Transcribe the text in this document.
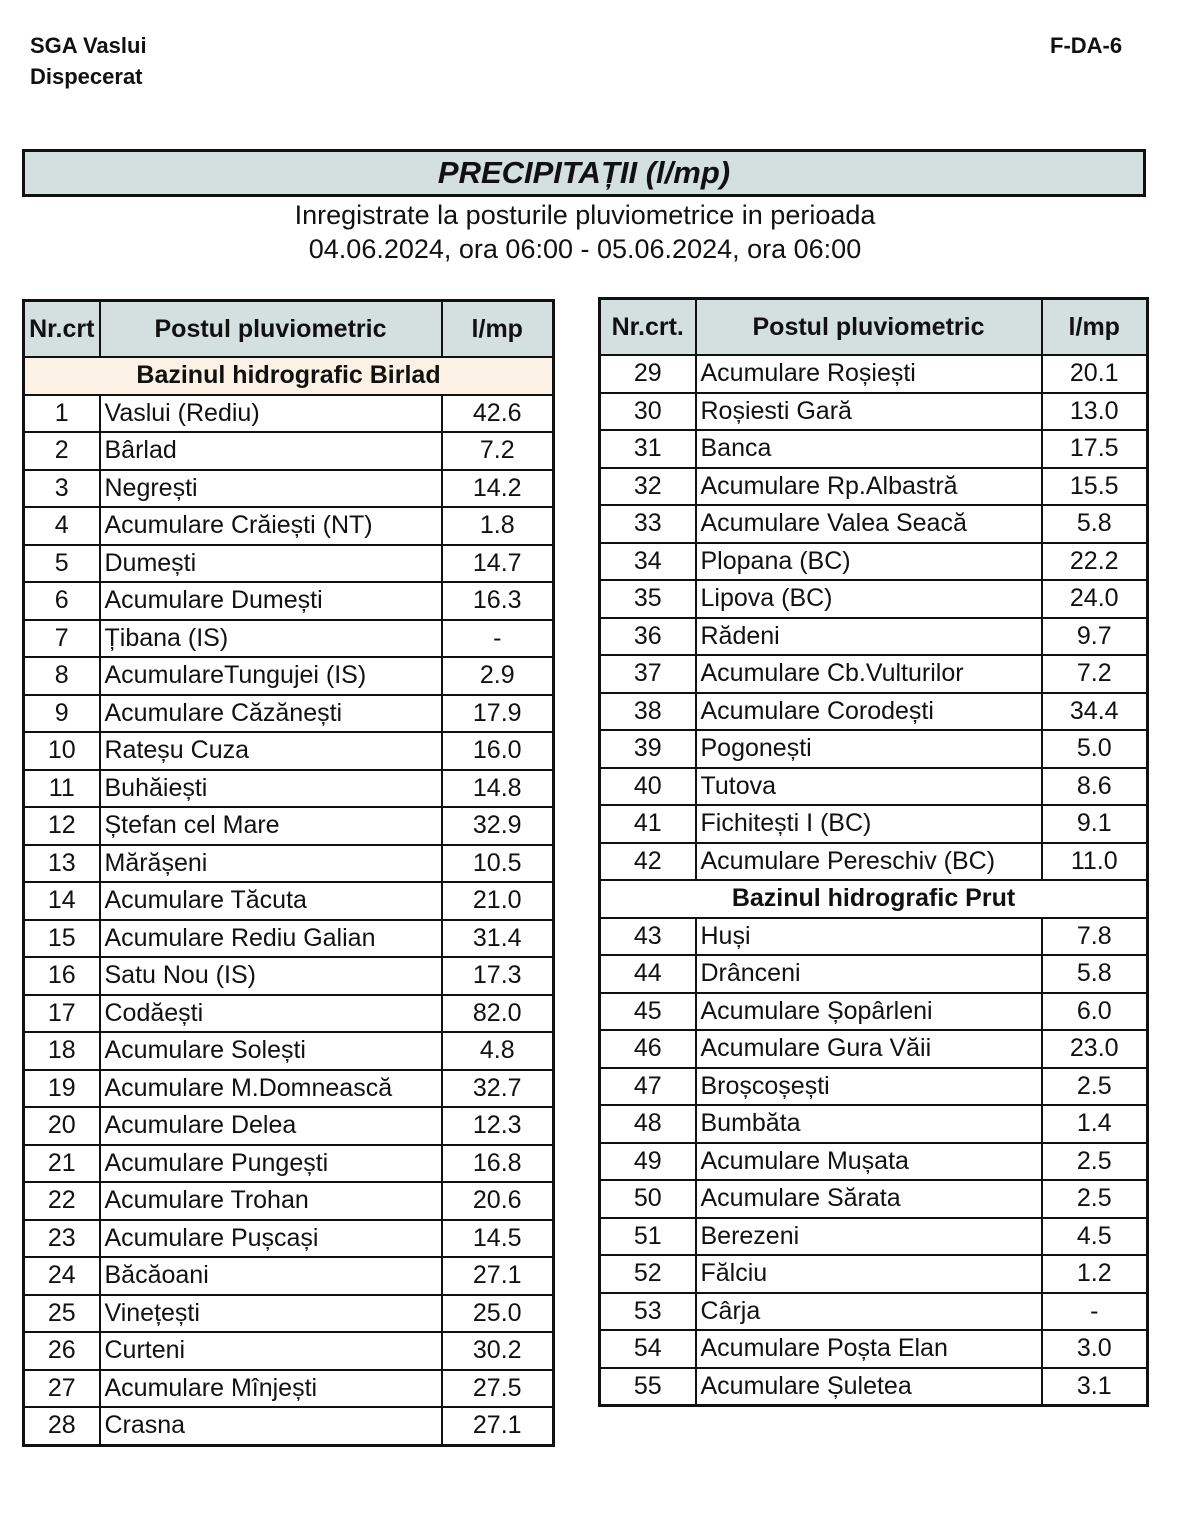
SGA Vaslui
Dispecerat
F-DA-6
PRECIPITAȚII (l/mp)
Inregistrate la posturile pluviometrice in perioada
04.06.2024, ora 06:00 - 05.06.2024, ora 06:00
Nr.crt	Postul pluviometric	l/mp
Bazinul hidrografic Birlad		
1	Vaslui (Rediu)	42.6
2	Bârlad	7.2
3	Negrești	14.2
4	Acumulare Crăiești (NT)	1.8
5	Dumești	14.7
6	Acumulare Dumești	16.3
7	Țibana (IS)	-
8	AcumulareTungujei (IS)	2.9
9	Acumulare Căzănești	17.9
10	Rateșu Cuza	16.0
11	Buhăiești	14.8
12	Ștefan cel Mare	32.9
13	Mărășeni	10.5
14	Acumulare Tăcuta	21.0
15	Acumulare Rediu Galian	31.4
16	Satu Nou (IS)	17.3
17	Codăești	82.0
18	Acumulare Solești	4.8
19	Acumulare M.Domnească	32.7
20	Acumulare Delea	12.3
21	Acumulare Pungești	16.8
22	Acumulare Trohan	20.6
23	Acumulare Pușcași	14.5
24	Băcăoani	27.1
25	Vinețești	25.0
26	Curteni	30.2
27	Acumulare Mînjești	27.5
28	Crasna	27.1
Nr.crt.	Postul pluviometric	l/mp
29	Acumulare Roșiești	20.1
30	Roșiesti Gară	13.0
31	Banca	17.5
32	Acumulare Rp.Albastră	15.5
33	Acumulare Valea Seacă	5.8
34	Plopana (BC)	22.2
35	Lipova (BC)	24.0
36	Rădeni	9.7
37	Acumulare Cb.Vulturilor	7.2
38	Acumulare Corodești	34.4
39	Pogonești	5.0
40	Tutova	8.6
41	Fichitești I (BC)	9.1
42	Acumulare Pereschiv (BC)	11.0
Bazinul hidrografic Prut		
43	Huși	7.8
44	Drânceni	5.8
45	Acumulare Șopârleni	6.0
46	Acumulare Gura Văii	23.0
47	Broșcoșești	2.5
48	Bumbăta	1.4
49	Acumulare Mușata	2.5
50	Acumulare Sărata	2.5
51	Berezeni	4.5
52	Fălciu	1.2
53	Cârja	-
54	Acumulare Poșta Elan	3.0
55	Acumulare Șuletea	3.1
